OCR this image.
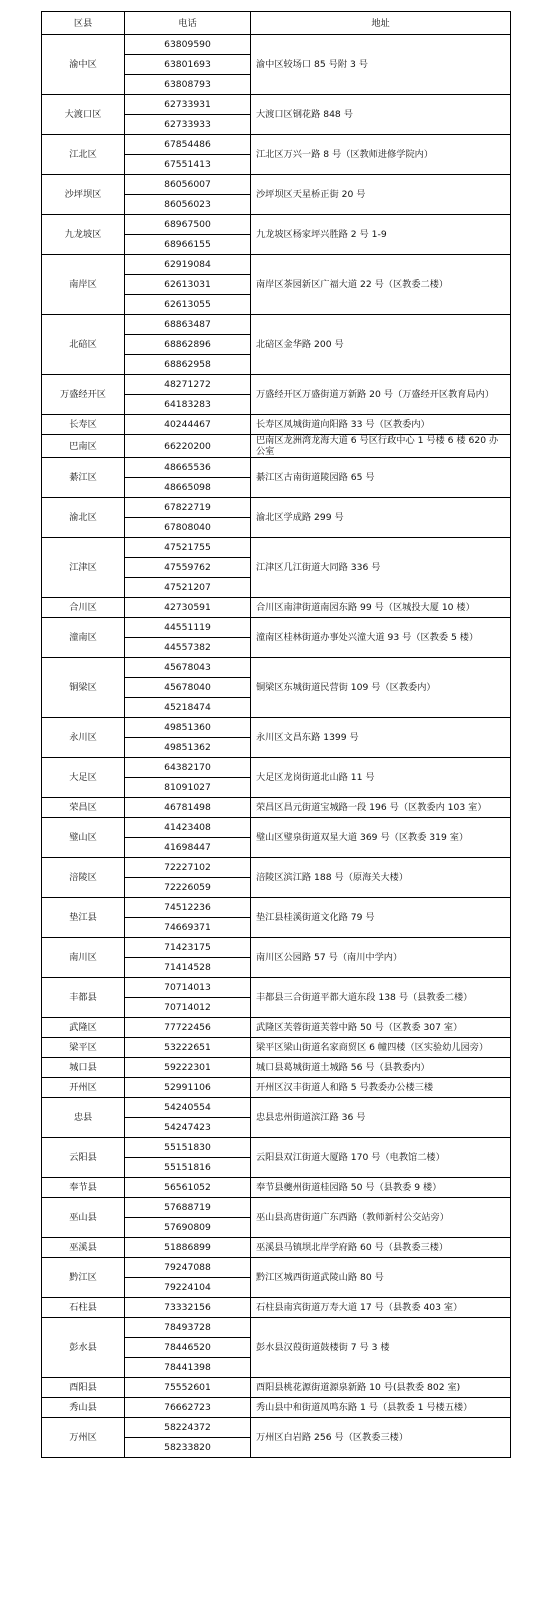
区县	电话	地址
渝中区	63809590	渝中区较场口 85 号附 3 号
	63801693	
	63808793	
大渡口区	62733931	大渡口区钢花路 848 号
	62733933	
江北区	67854486	江北区万兴一路 8 号（区教师进修学院内）
	67551413	
沙坪坝区	86056007	沙坪坝区天星桥正街 20 号
	86056023	
九龙坡区	68967500	九龙坡区杨家坪兴胜路 2 号 1-9
	68966155	
南岸区	62919084	南岸区茶园新区广福大道 22 号（区教委二楼）
	62613031	
	62613055	
北碚区	68863487	北碚区金华路 200 号
	68862896	
	68862958	
万盛经开区	48271272	万盛经开区万盛街道万新路 20 号（万盛经开区教育局内）
	64183283	
长寿区	40244467	长寿区凤城街道向阳路 33 号（区教委内）
巴南区	66220200	巴南区龙洲湾龙海大道 6 号区行政中心 1 号楼 6 楼 620 办公室
綦江区	48665536	綦江区古南街道陵园路 65 号
	48665098	
渝北区	67822719	渝北区学成路 299 号
	67808040	
江津区	47521755	江津区几江街道大同路 336 号
	47559762	
	47521207	
合川区	42730591	合川区南津街道南园东路 99 号（区城投大厦 10 楼）
潼南区	44551119	潼南区桂林街道办事处兴潼大道 93 号（区教委 5 楼）
	44557382	
铜梁区	45678043	铜梁区东城街道民营街 109 号（区教委内）
	45678040	
	45218474	
永川区	49851360	永川区文昌东路 1399 号
	49851362	
大足区	64382170	大足区龙岗街道北山路 11 号
	81091027	
荣昌区	46781498	荣昌区昌元街道宝城路一段 196 号（区教委内 103 室）
璧山区	41423408	璧山区璧泉街道双星大道 369 号（区教委 319 室）
	41698447	
涪陵区	72227102	涪陵区滨江路 188 号（原海关大楼）
	72226059	
垫江县	74512236	垫江县桂溪街道文化路 79 号
	74669371	
南川区	71423175	南川区公园路 57 号（南川中学内）
	71414528	
丰都县	70714013	丰都县三合街道平都大道东段 138 号（县教委二楼）
	70714012	
武隆区	77722456	武隆区芙蓉街道芙蓉中路 50 号（区教委 307 室）
梁平区	53222651	梁平区梁山街道名家商贸区 6 幢四楼（区实验幼儿园旁）
城口县	59222301	城口县葛城街道土城路 56 号（县教委内）
开州区	52991106	开州区汉丰街道人和路 5 号教委办公楼三楼
忠县	54240554	忠县忠州街道滨江路 36 号
	54247423	
云阳县	55151830	云阳县双江街道大厦路 170 号（电教馆二楼）
	55151816	
奉节县	56561052	奉节县夔州街道桂园路 50 号（县教委 9 楼）
巫山县	57688719	巫山县高唐街道广东西路（教师新村公交站旁）
	57690809	
巫溪县	51886899	巫溪县马镇坝北岸学府路 60 号（县教委三楼）
黔江区	79247088	黔江区城西街道武陵山路 80 号
	79224104	
石柱县	73332156	石柱县南宾街道万寿大道 17 号（县教委 403 室）
彭水县	78493728	彭水县汉葭街道鼓楼街 7 号 3 楼
	78446520	
	78441398	
酉阳县	75552601	酉阳县桃花源街道源泉新路 10 号(县教委 802 室)
秀山县	76662723	秀山县中和街道凤鸣东路 1 号（县教委 1 号楼五楼）
万州区	58224372	万州区白岩路 256 号（区教委三楼）
	58233820	
